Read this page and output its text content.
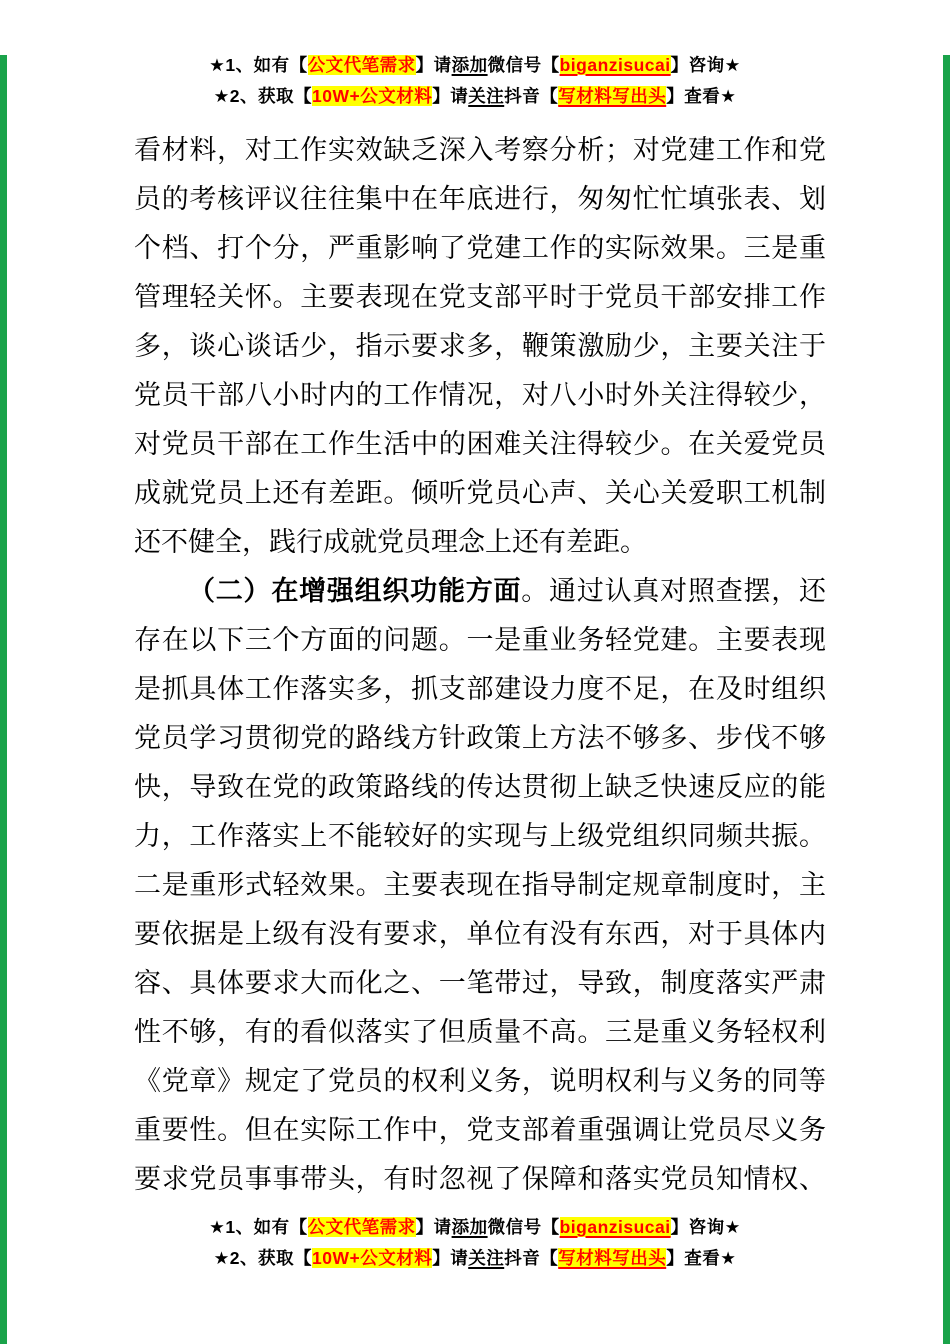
★1、如有【公文代笔需求】请添加微信号【biganzisucai】咨询★
★2、获取【10W+公文材料】请关注抖音【写材料写出头】查看★
看材料，对工作实效缺乏深入考察分析；对党建工作和党
员的考核评议往往集中在年底进行，匆匆忙忙填张表、划
个档、打个分，严重影响了党建工作的实际效果。三是重
管理轻关怀。主要表现在党支部平时于党员干部安排工作
多，谈心谈话少，指示要求多，鞭策激励少，主要关注于
党员干部八小时内的工作情况，对八小时外关注得较少，
对党员干部在工作生活中的困难关注得较少。在关爱党员
成就党员上还有差距。倾听党员心声、关心关爱职工机制
还不健全，践行成就党员理念上还有差距。
（二）在增强组织功能方面。通过认真对照查摆，还
存在以下三个方面的问题。一是重业务轻党建。主要表现
是抓具体工作落实多，抓支部建设力度不足，在及时组织
党员学习贯彻党的路线方针政策上方法不够多、步伐不够
快，导致在党的政策路线的传达贯彻上缺乏快速反应的能
力，工作落实上不能较好的实现与上级党组织同频共振。
二是重形式轻效果。主要表现在指导制定规章制度时，主
要依据是上级有没有要求，单位有没有东西，对于具体内
容、具体要求大而化之、一笔带过，导致，制度落实严肃
性不够，有的看似落实了但质量不高。三是重义务轻权利
《党章》规定了党员的权利义务，说明权利与义务的同等
重要性。但在实际工作中，党支部着重强调让党员尽义务
要求党员事事带头，有时忽视了保障和落实党员知情权、
★1、如有【公文代笔需求】请添加微信号【biganzisucai】咨询★
★2、获取【10W+公文材料】请关注抖音【写材料写出头】查看★
